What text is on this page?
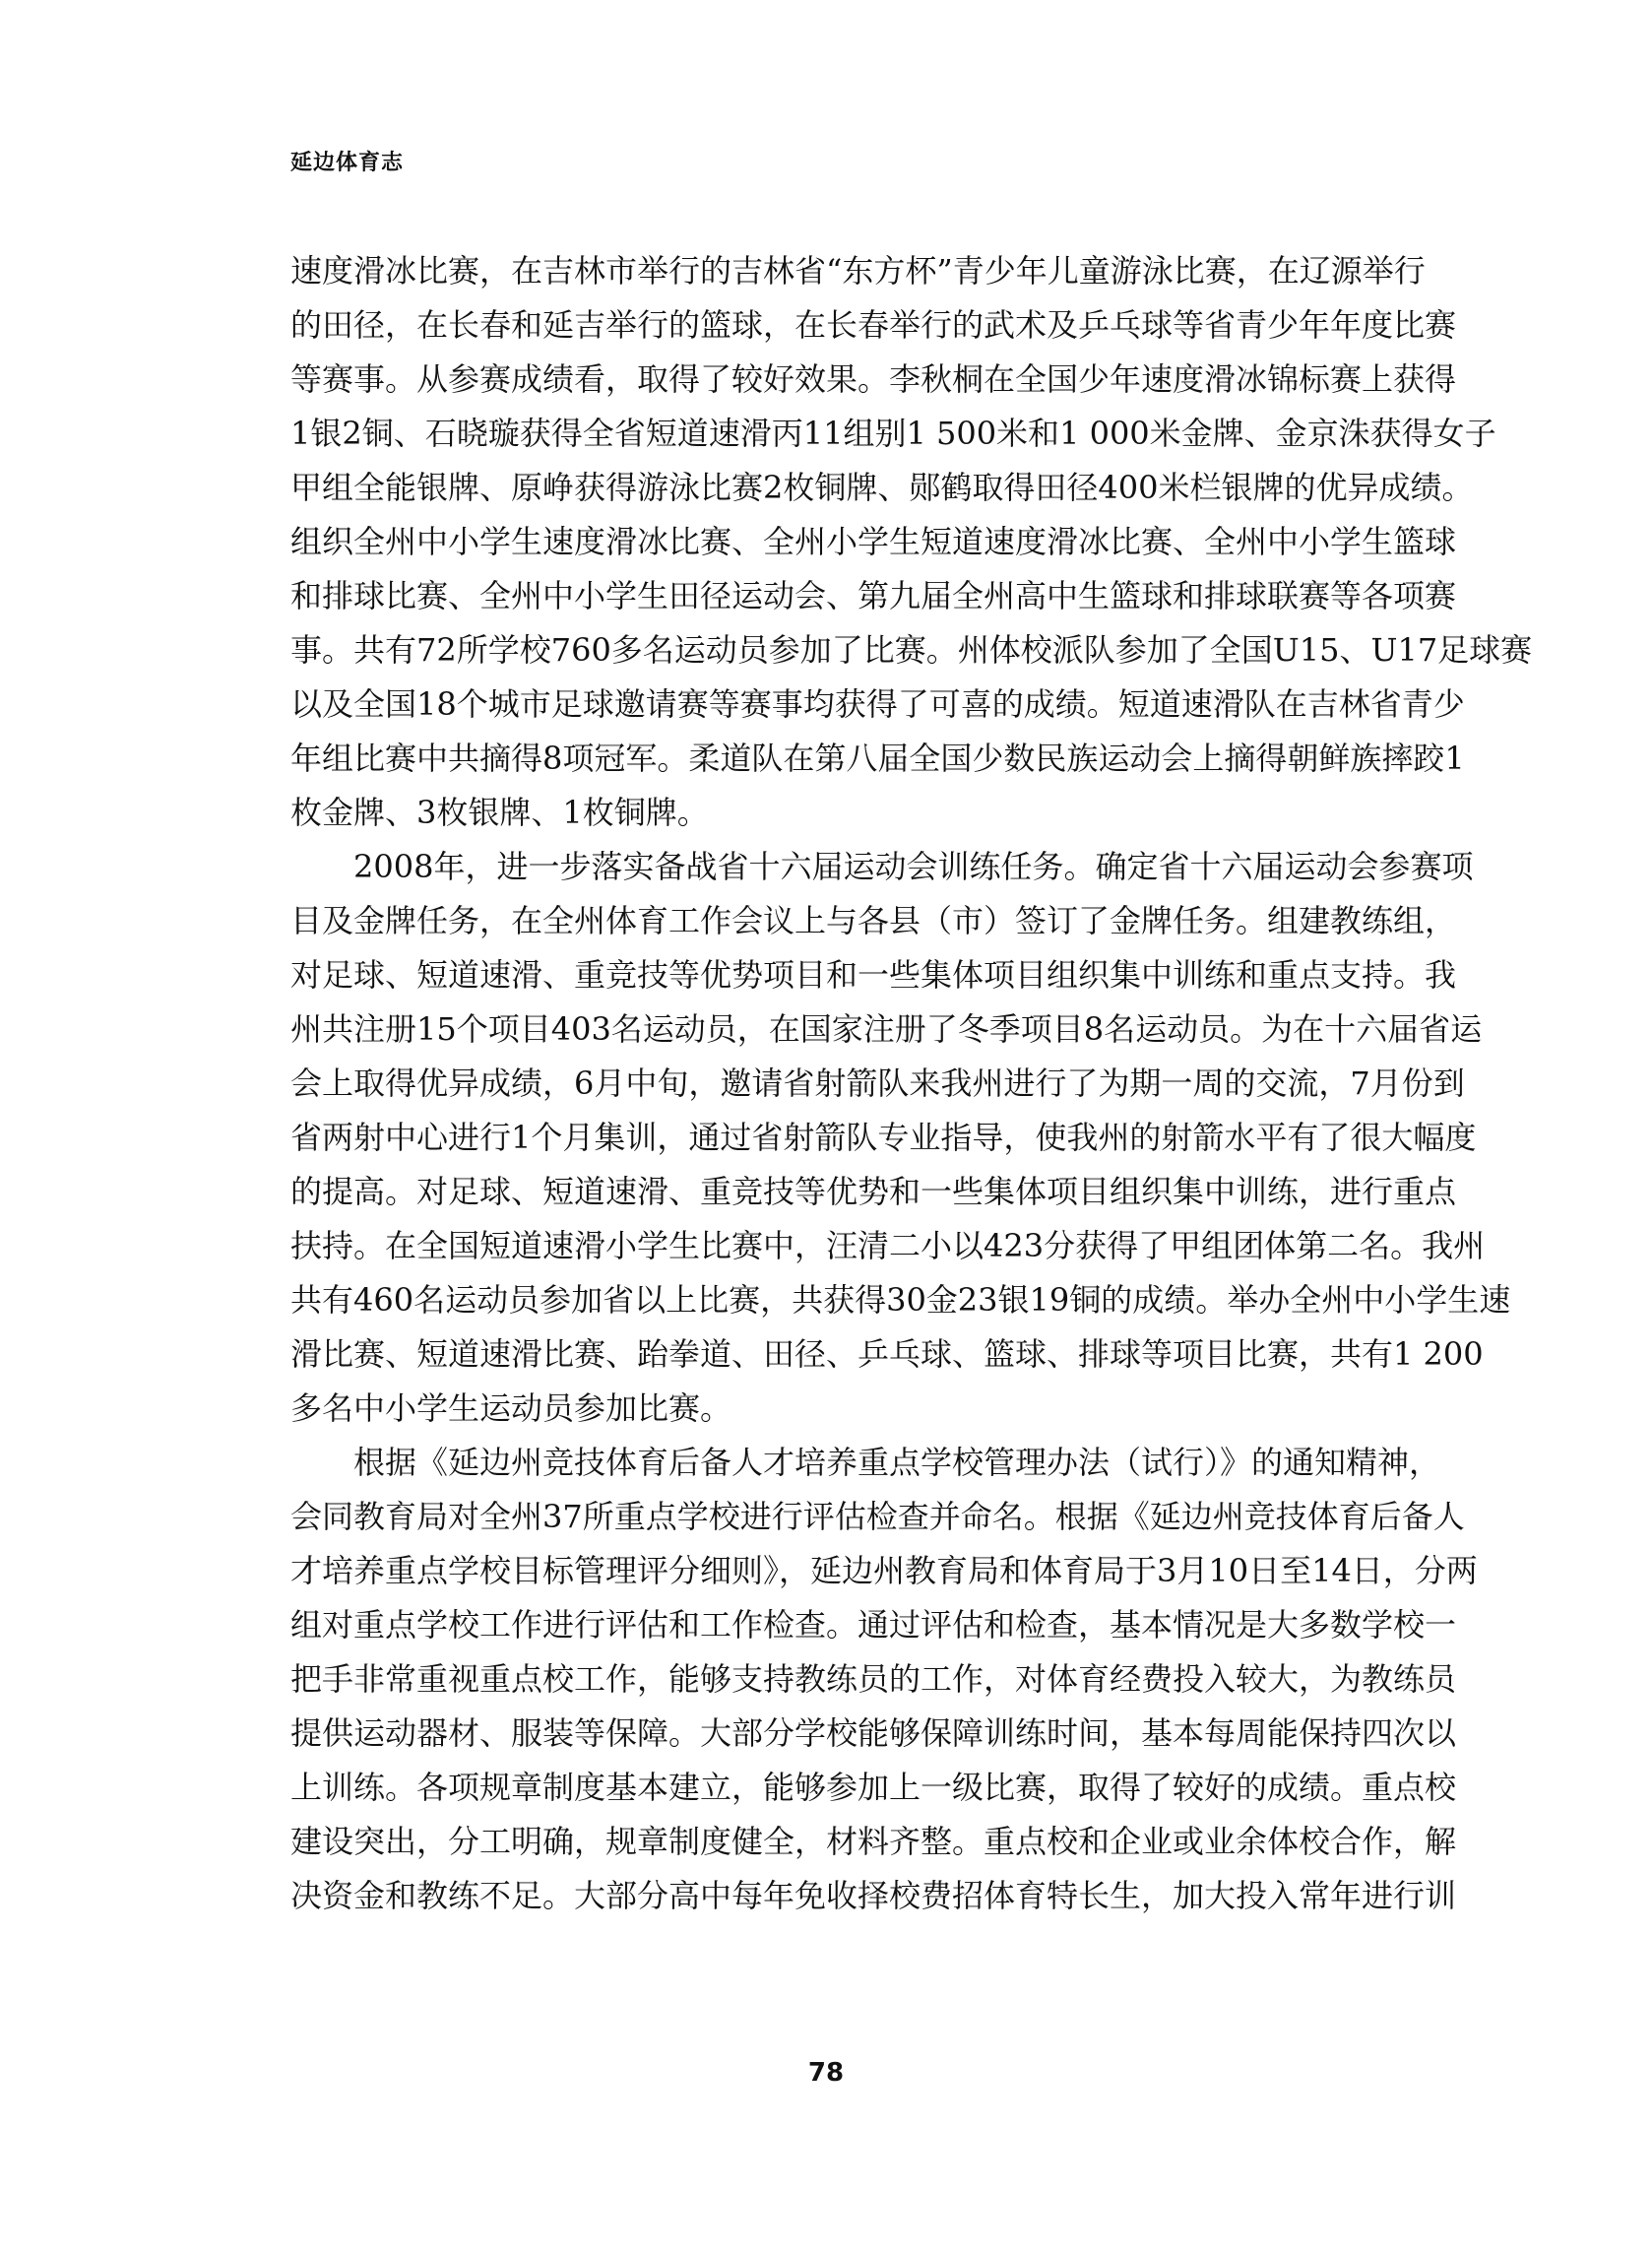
延边体育志
速度滑冰比赛，在吉林市举行的吉林省“东方杯”青少年儿童游泳比赛，在辽源举行
的田径，在长春和延吉举行的篮球，在长春举行的武术及乒乓球等省青少年年度比赛
等赛事。从参赛成绩看，取得了较好效果。李秋桐在全国少年速度滑冰锦标赛上获得
1银2铜、石晓璇获得全省短道速滑丙11组别1 500米和1 000米金牌、金京洙获得女子
甲组全能银牌、原峥获得游泳比赛2枚铜牌、郧鹤取得田径400米栏银牌的优异成绩。
组织全州中小学生速度滑冰比赛、全州小学生短道速度滑冰比赛、全州中小学生篮球
和排球比赛、全州中小学生田径运动会、第九届全州高中生篮球和排球联赛等各项赛
事。共有72所学校760多名运动员参加了比赛。州体校派队参加了全国U15、U17足球赛
以及全国18个城市足球邀请赛等赛事均获得了可喜的成绩。短道速滑队在吉林省青少
年组比赛中共摘得8项冠军。柔道队在第八届全国少数民族运动会上摘得朝鲜族摔跤1
枚金牌、3枚银牌、1枚铜牌。
　　2008年，进一步落实备战省十六届运动会训练任务。确定省十六届运动会参赛项
目及金牌任务，在全州体育工作会议上与各县（市）签订了金牌任务。组建教练组，
对足球、短道速滑、重竞技等优势项目和一些集体项目组织集中训练和重点支持。我
州共注册15个项目403名运动员，在国家注册了冬季项目8名运动员。为在十六届省运
会上取得优异成绩，6月中旬，邀请省射箭队来我州进行了为期一周的交流，7月份到
省两射中心进行1个月集训，通过省射箭队专业指导，使我州的射箭水平有了很大幅度
的提高。对足球、短道速滑、重竞技等优势和一些集体项目组织集中训练，进行重点
扶持。在全国短道速滑小学生比赛中，汪清二小以423分获得了甲组团体第二名。我州
共有460名运动员参加省以上比赛，共获得30金23银19铜的成绩。举办全州中小学生速
滑比赛、短道速滑比赛、跆拳道、田径、乒乓球、篮球、排球等项目比赛，共有1 200
多名中小学生运动员参加比赛。
　　根据《延边州竞技体育后备人才培养重点学校管理办法（试行）》的通知精神，
会同教育局对全州37所重点学校进行评估检查并命名。根据《延边州竞技体育后备人
才培养重点学校目标管理评分细则》，延边州教育局和体育局于3月10日至14日，分两
组对重点学校工作进行评估和工作检查。通过评估和检查，基本情况是大多数学校一
把手非常重视重点校工作，能够支持教练员的工作，对体育经费投入较大，为教练员
提供运动器材、服装等保障。大部分学校能够保障训练时间，基本每周能保持四次以
上训练。各项规章制度基本建立，能够参加上一级比赛，取得了较好的成绩。重点校
建设突出，分工明确，规章制度健全，材料齐整。重点校和企业或业余体校合作，解
决资金和教练不足。大部分高中每年免收择校费招体育特长生，加大投入常年进行训
78
